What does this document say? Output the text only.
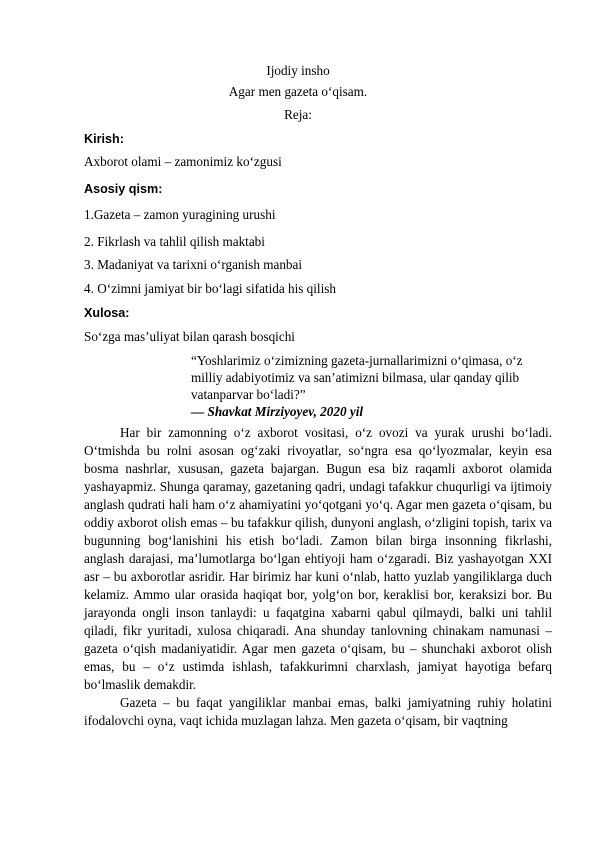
Ijodiy insho
Agar men gazeta o‘qisam.
Reja:
Kirish:
Axborot olami – zamonimiz ko‘zgusi
Asosiy qism:
1.Gazeta – zamon yuragining urushi
2. Fikrlash va tahlil qilish maktabi
3. Madaniyat va tarixni o‘rganish manbai
4. O‘zimni jamiyat bir bo‘lagi sifatida his qilish
Xulosa:
So‘zga mas’uliyat bilan qarash bosqichi
“Yoshlarimiz o‘zimizning gazeta-jurnallarimizni o‘qimasa, o‘z
milliy adabiyotimiz va san’atimizni bilmasa, ular qanday qilib
vatanparvar bo‘ladi?”
— Shavkat Mirziyoyev, 2020 yil

Har bir zamonning o‘z axborot vositasi, o‘z ovozi va yurak urushi bo‘ladi. O‘tmishda bu rolni asosan og‘zaki rivoyatlar, so‘ngra esa qo‘lyozmalar, keyin esa bosma nashrlar, xususan, gazeta bajargan. Bugun esa biz raqamli axborot olamida yashayapmiz. Shunga qaramay, gazetaning qadri, undagi tafakkur chuqurligi va ijtimoiy anglash qudrati hali ham o‘z ahamiyatini yo‘qotgani yo‘q. Agar men gazeta o‘qisam, bu oddiy axborot olish emas – bu tafakkur qilish, dunyoni anglash, o‘zligini topish, tarix va bugunning bog‘lanishini his etish bo‘ladi. Zamon bilan birga insonning fikrlashi, anglash darajasi, ma’lumotlarga bo‘lgan ehtiyoji ham o‘zgaradi. Biz yashayotgan XXI asr – bu axborotlar asridir. Har birimiz har kuni o‘nlab, hatto yuzlab yangiliklarga duch kelamiz. Ammo ular orasida haqiqat bor, yolg‘on bor, keraklisi bor, keraksizi bor. Bu jarayonda ongli inson tanlaydi: u faqatgina xabarni qabul qilmaydi, balki uni tahlil qiladi, fikr yuritadi, xulosa chiqaradi. Ana shunday tanlovning chinakam namunasi – gazeta o‘qish madaniyatidir. Agar men gazeta o‘qisam, bu – shunchaki axborot olish emas, bu – o‘z ustimda ishlash, tafakkurimni charxlash, jamiyat hayotiga befarq bo‘lmaslik demakdir.

Gazeta – bu faqat yangiliklar manbai emas, balki jamiyatning ruhiy holatini ifodalovchi oyna, vaqt ichida muzlagan lahza. Men gazeta o‘qisam, bir vaqtning
